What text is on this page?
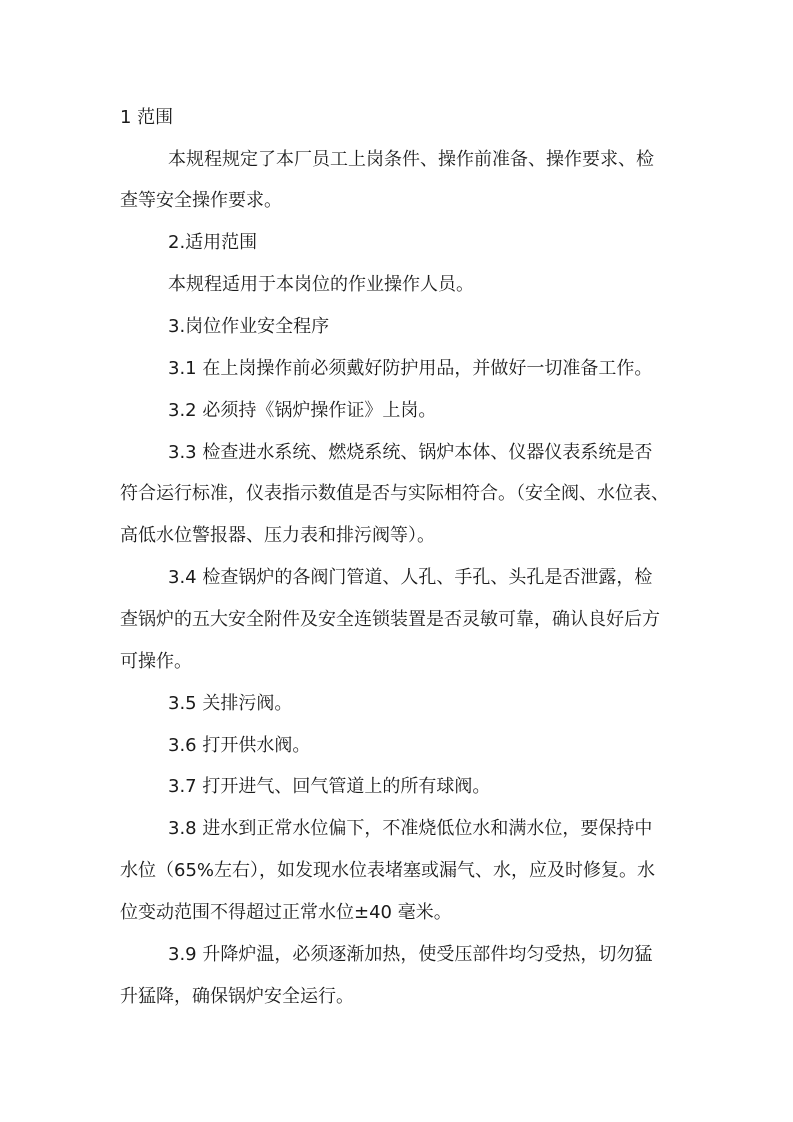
1 范围

本规程规定了本厂员工上岗条件、操作前准备、操作要求、检

查等安全操作要求。

2.适用范围

本规程适用于本岗位的作业操作人员。

3.岗位作业安全程序

3.1 在上岗操作前必须戴好防护用品，并做好一切准备工作。

3.2 必须持《锅炉操作证》上岗。

3.3 检查进水系统、燃烧系统、锅炉本体、仪器仪表系统是否

符合运行标准，仪表指示数值是否与实际相符合。（安全阀、水位表、

高低水位警报器、压力表和排污阀等）。

3.4 检查锅炉的各阀门管道、人孔、手孔、头孔是否泄露，检

查锅炉的五大安全附件及安全连锁装置是否灵敏可靠，确认良好后方

可操作。

3.5 关排污阀。

3.6 打开供水阀。

3.7 打开进气、回气管道上的所有球阀。

3.8 进水到正常水位偏下，不准烧低位水和满水位，要保持中

水位（65%左右），如发现水位表堵塞或漏气、水，应及时修复。水

位变动范围不得超过正常水位±40 毫米。

3.9 升降炉温，必须逐渐加热，使受压部件均匀受热，切勿猛

升猛降，确保锅炉安全运行。
